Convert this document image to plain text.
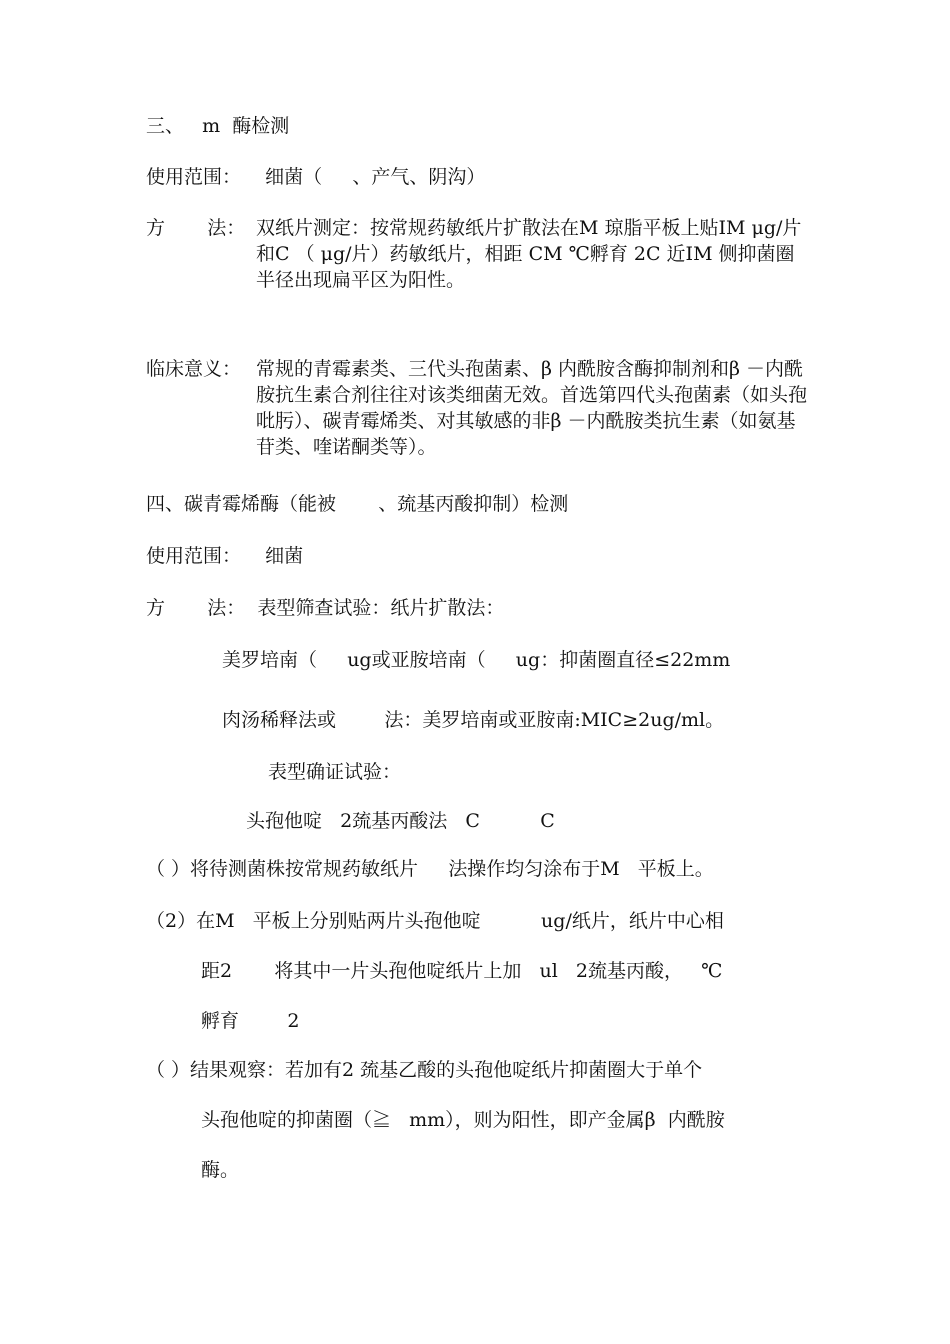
三、   m  酶检测
使用范围：    细菌（     、产气、阴沟）
方       法： 双纸片测定：按常规药敏纸片扩散法在M 琼脂平板上贴IM μg/片 和C （ μg/片）药敏纸片，相距 CM ℃孵育 2C 近IM 侧抑菌圈半径出现扁平区为阳性。
临床意义： 常规的青霉素类、三代头孢菌素、β 内酰胺含酶抑制剂和β －内酰胺抗生素合剂往往对该类细菌无效。首选第四代头孢菌素（如头孢吡肟）、碳青霉烯类、对其敏感的非β －内酰胺类抗生素（如氨基苷类、喹诺酮类等）。
四、碳青霉烯酶（能被       、巯基丙酸抑制）检测
使用范围：    细菌
方       法：  表型筛查试验：纸片扩散法：
美罗培南（     ug或亚胺培南（     ug：抑菌圈直径≤22mm
肉汤稀释法或        法：美罗培南或亚胺南:MIC≥2ug/ml。
表型确证试验：
头孢他啶   2巯基丙酸法   C          C
（ ）将待测菌株按常规药敏纸片     法操作均匀涂布于M   平板上。
（2）在M   平板上分别贴两片头孢他啶          ug/纸片，纸片中心相
距2       将其中一片头孢他啶纸片上加   ul   2巯基丙酸，   ℃
孵育        2
（ ）结果观察：若加有2 巯基乙酸的头孢他啶纸片抑菌圈大于单个
头孢他啶的抑菌圈（≧   mm），则为阳性，即产金属β  内酰胺
酶。
